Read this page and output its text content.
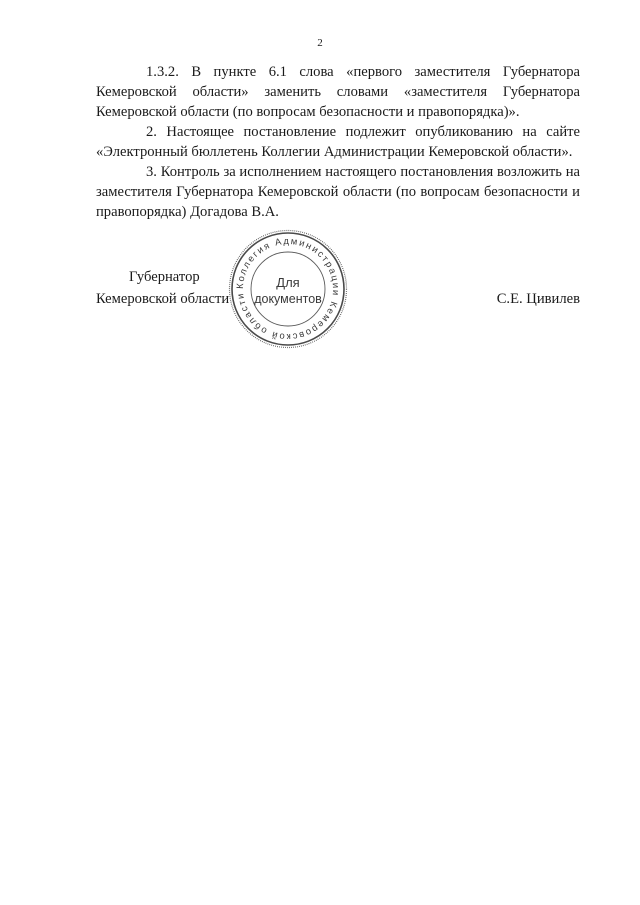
2

1.3.2. В пункте 6.1 слова «первого заместителя Губернатора Кемеровской области» заменить словами «заместителя Губернатора Кемеровской области (по вопросам безопасности и правопорядка)».

2. Настоящее постановление подлежит опубликованию на сайте «Электронный бюллетень Коллегии Администрации Кемеровской области».

3. Контроль за исполнением настоящего постановления возложить на заместителя Губернатора Кемеровской области (по вопросам безопасности и правопорядка) Догадова В.А.

Губернатор
Кемеровской области	С.Е. Цивилев
Коллегия Администрации Кемеровской области
Для
документов
